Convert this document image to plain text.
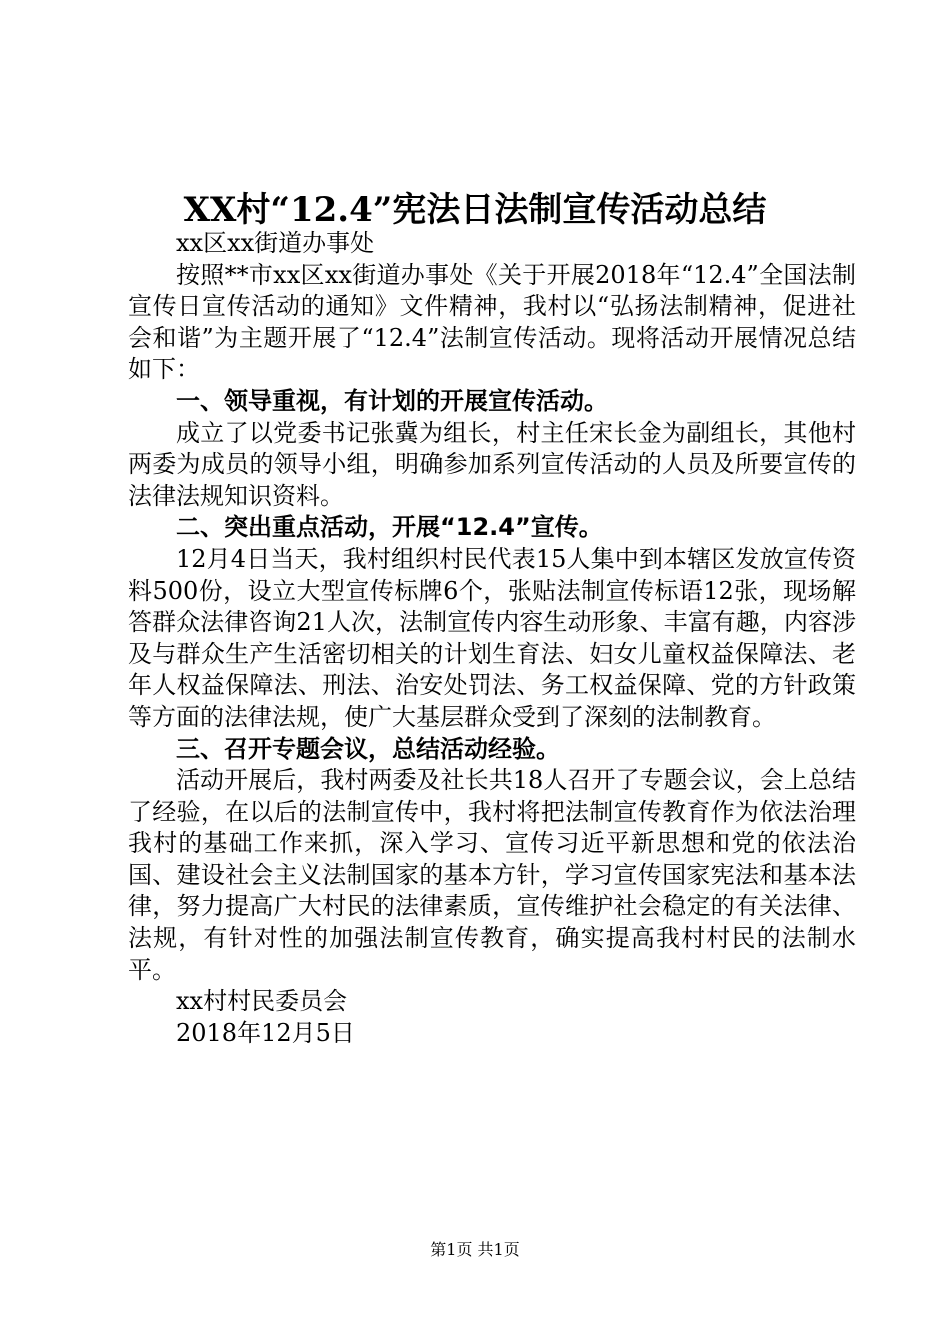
XX村“12.4”宪法日法制宣传活动总结

xx区xx街道办事处

按照**市xx区xx街道办事处《关于开展2018年“12.4”全国法制宣传日宣传活动的通知》文件精神，我村以“弘扬法制精神，促进社会和谐”为主题开展了“12.4”法制宣传活动。现将活动开展情况总结如下：

一、领导重视，有计划的开展宣传活动。

成立了以党委书记张冀为组长，村主任宋长金为副组长，其他村两委为成员的领导小组，明确参加系列宣传活动的人员及所要宣传的法律法规知识资料。

二、突出重点活动，开展“12.4”宣传。

12月4日当天，我村组织村民代表15人集中到本辖区发放宣传资料500份，设立大型宣传标牌6个，张贴法制宣传标语12张，现场解答群众法律咨询21人次，法制宣传内容生动形象、丰富有趣，内容涉及与群众生产生活密切相关的计划生育法、妇女儿童权益保障法、老年人权益保障法、刑法、治安处罚法、务工权益保障、党的方针政策等方面的法律法规，使广大基层群众受到了深刻的法制教育。

三、召开专题会议，总结活动经验。

活动开展后，我村两委及社长共18人召开了专题会议，会上总结了经验，在以后的法制宣传中，我村将把法制宣传教育作为依法治理我村的基础工作来抓，深入学习、宣传习近平新思想和党的依法治国、建设社会主义法制国家的基本方针，学习宣传国家宪法和基本法律，努力提高广大村民的法律素质，宣传维护社会稳定的有关法律、法规，有针对性的加强法制宣传教育，确实提高我村村民的法制水平。

xx村村民委员会

2018年12月5日

第1页 共1页
